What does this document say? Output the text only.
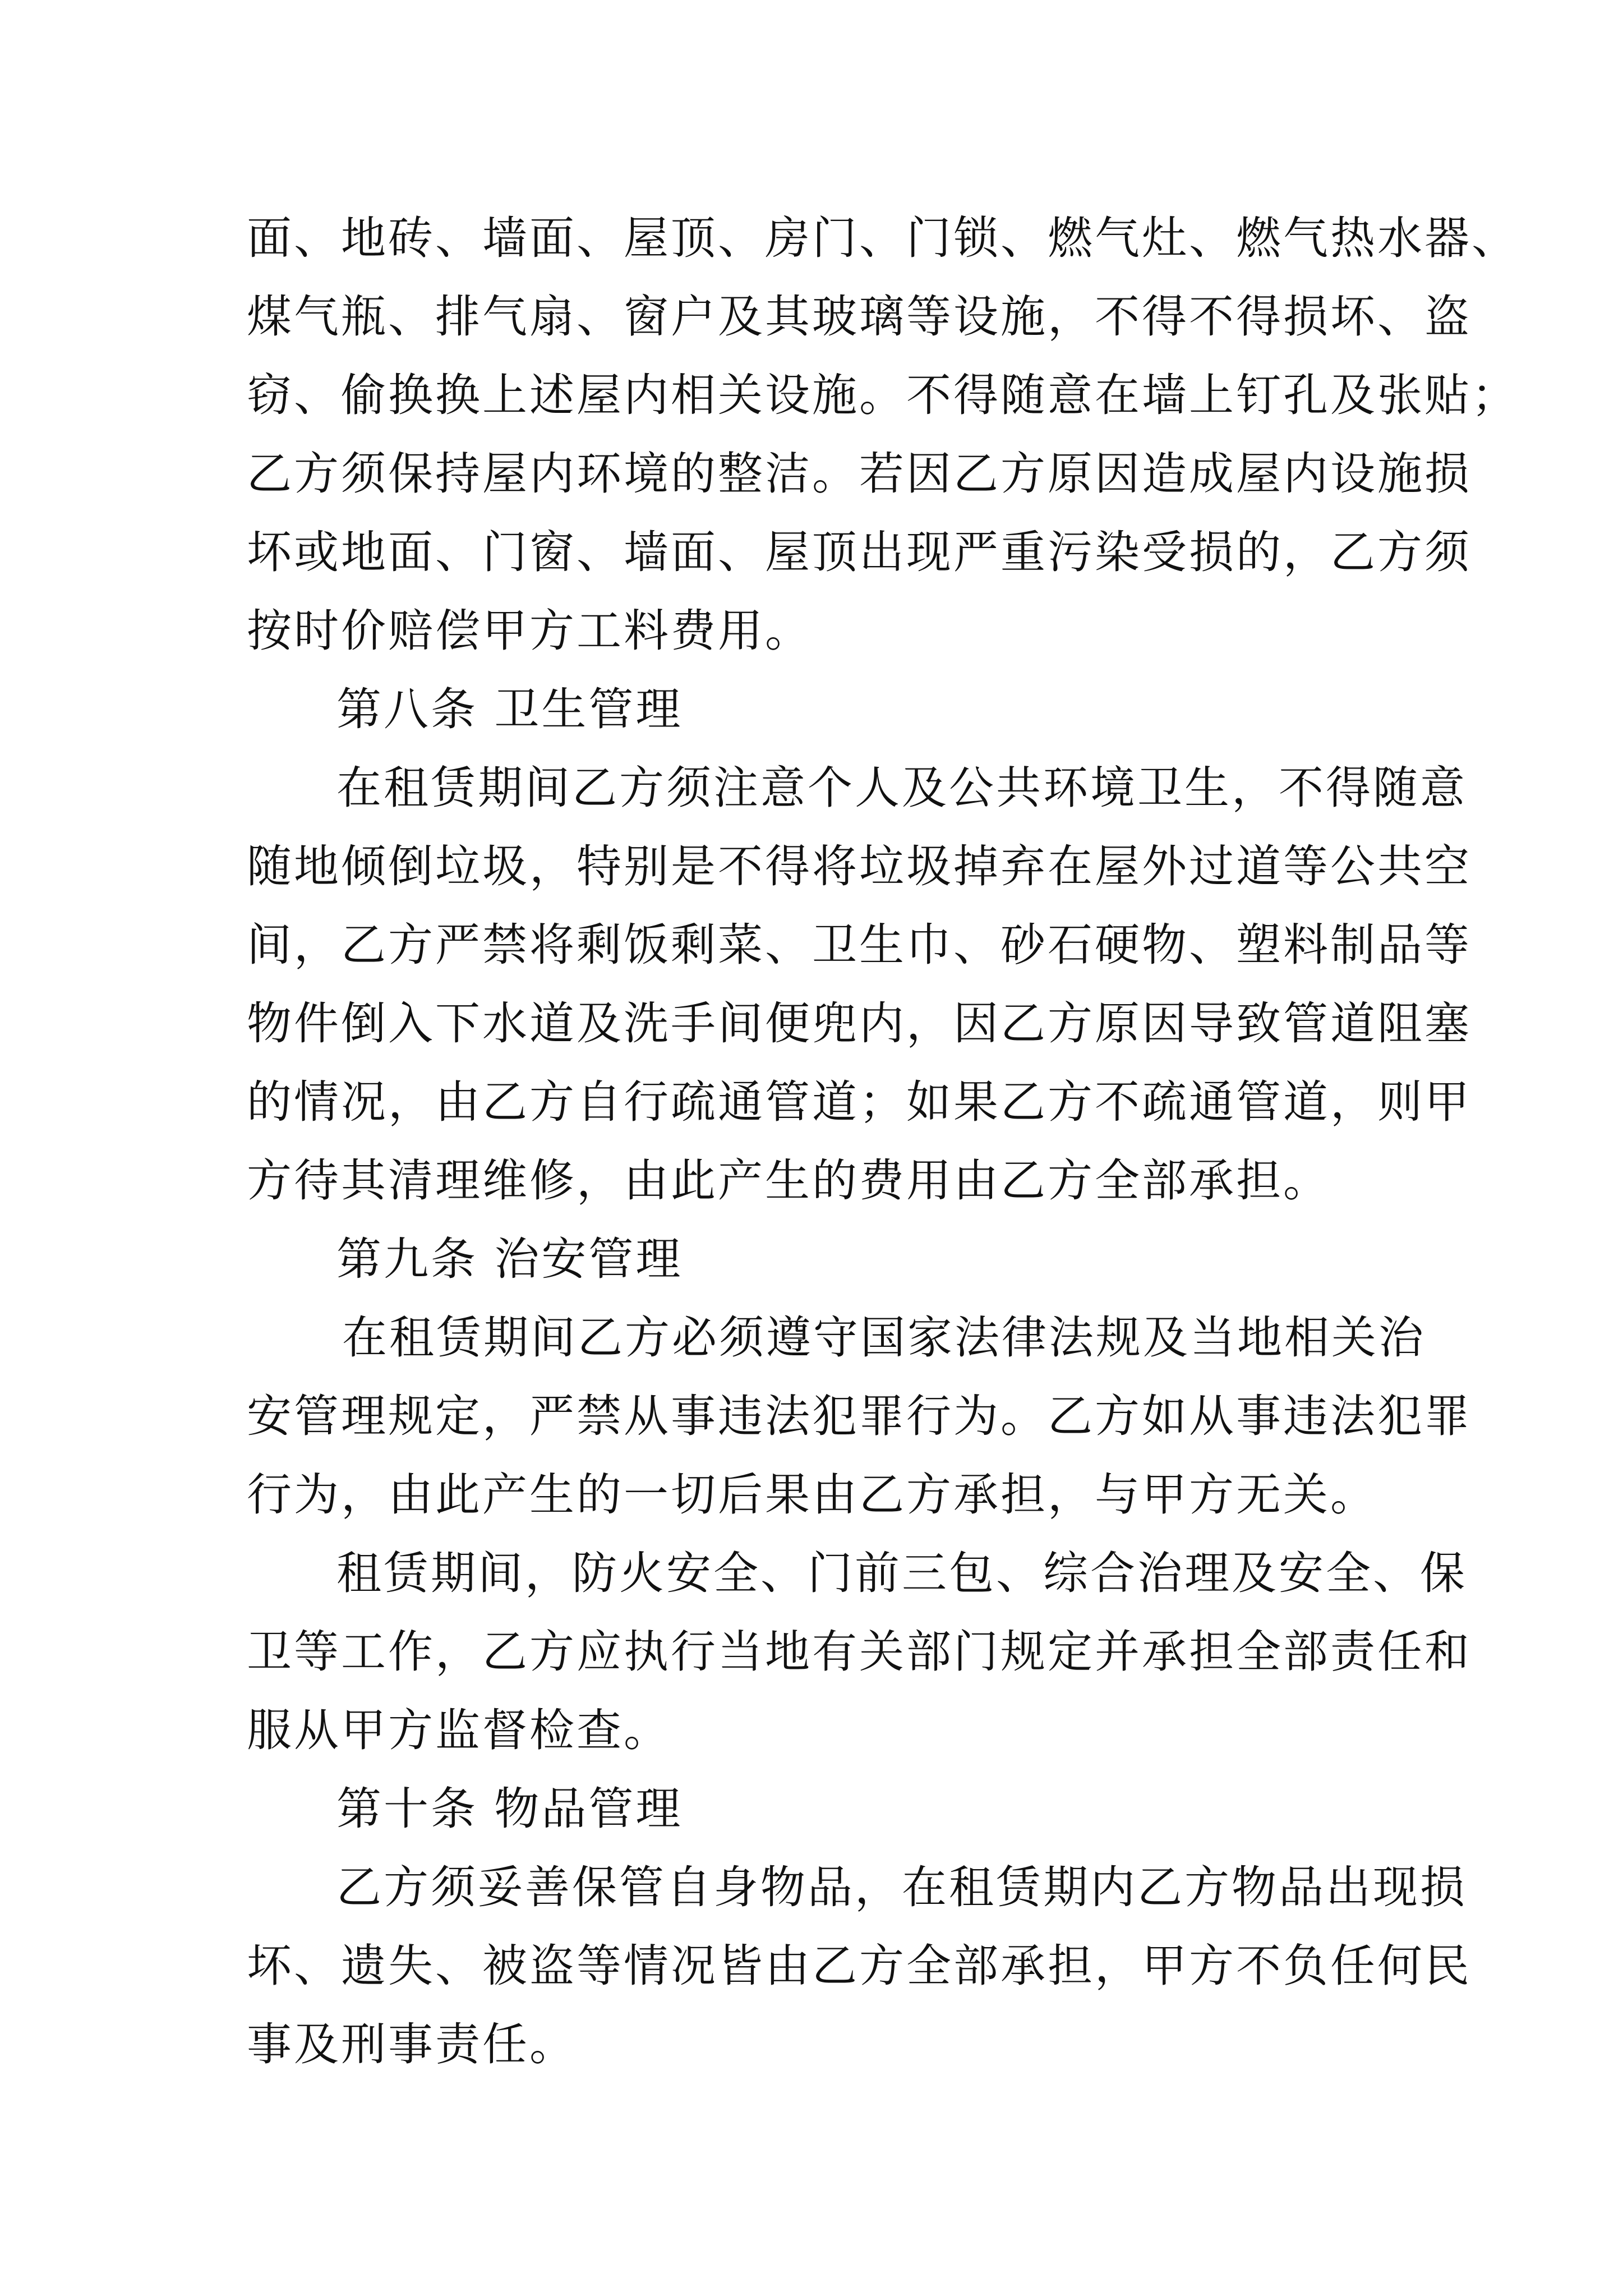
面、地砖、墙面、屋顶、房门、门锁、燃气灶、燃气热水器、
煤气瓶、排气扇、窗户及其玻璃等设施，不得不得损坏、盗
窃、偷换换上述屋内相关设施。不得随意在墙上钉孔及张贴；
乙方须保持屋内环境的整洁。若因乙方原因造成屋内设施损
坏或地面、门窗、墙面、屋顶出现严重污染受损的，乙方须
按时价赔偿甲方工料费用。
第八条 卫生管理
在租赁期间乙方须注意个人及公共环境卫生，不得随意
随地倾倒垃圾，特别是不得将垃圾掉弃在屋外过道等公共空
间，乙方严禁将剩饭剩菜、卫生巾、砂石硬物、塑料制品等
物件倒入下水道及洗手间便兜内，因乙方原因导致管道阻塞
的情况，由乙方自行疏通管道；如果乙方不疏通管道，则甲
方待其清理维修，由此产生的费用由乙方全部承担。
第九条 治安管理
在租赁期间乙方必须遵守国家法律法规及当地相关治
安管理规定，严禁从事违法犯罪行为。乙方如从事违法犯罪
行为，由此产生的一切后果由乙方承担，与甲方无关。
租赁期间，防火安全、门前三包、综合治理及安全、保
卫等工作，乙方应执行当地有关部门规定并承担全部责任和
服从甲方监督检查。
第十条 物品管理
乙方须妥善保管自身物品，在租赁期内乙方物品出现损
坏、遗失、被盗等情况皆由乙方全部承担，甲方不负任何民
事及刑事责任。
